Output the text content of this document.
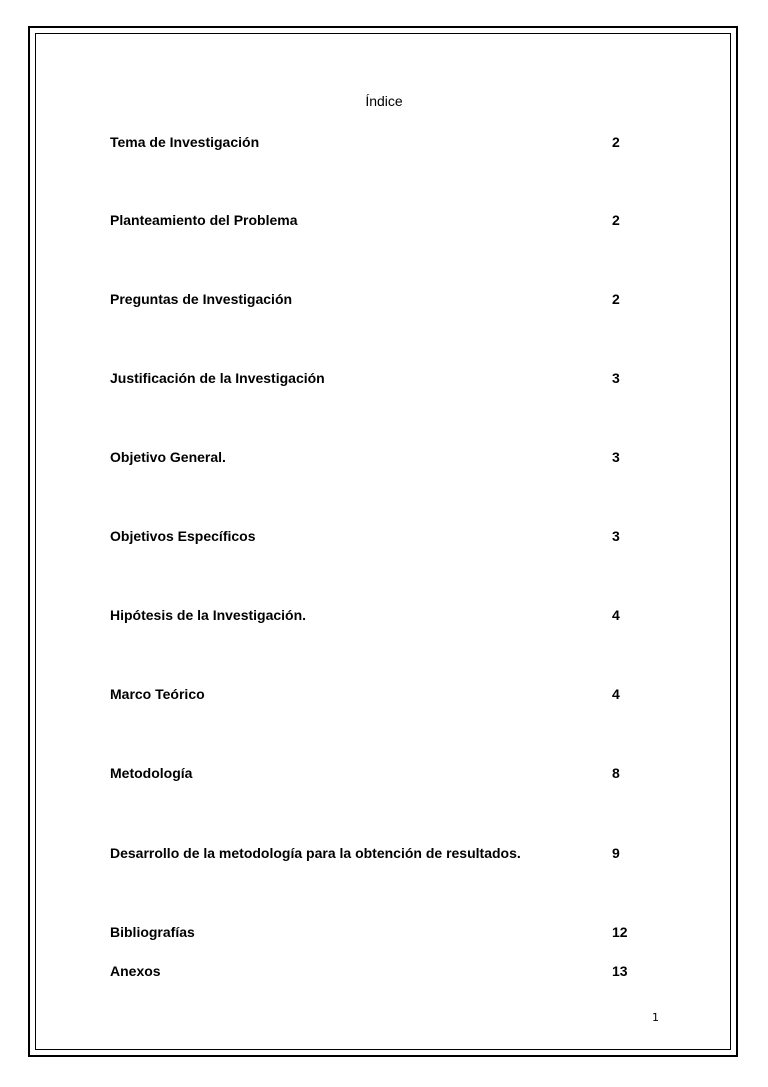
Índice
Tema de Investigación	2
Planteamiento del Problema	2
Preguntas de Investigación	2
Justificación de la Investigación	3
Objetivo General.	3
Objetivos Específicos	3
Hipótesis de la Investigación.	4
Marco Teórico	4
Metodología	8
Desarrollo de la metodología para la obtención de resultados.	9
Bibliografías	12
Anexos	13
1
